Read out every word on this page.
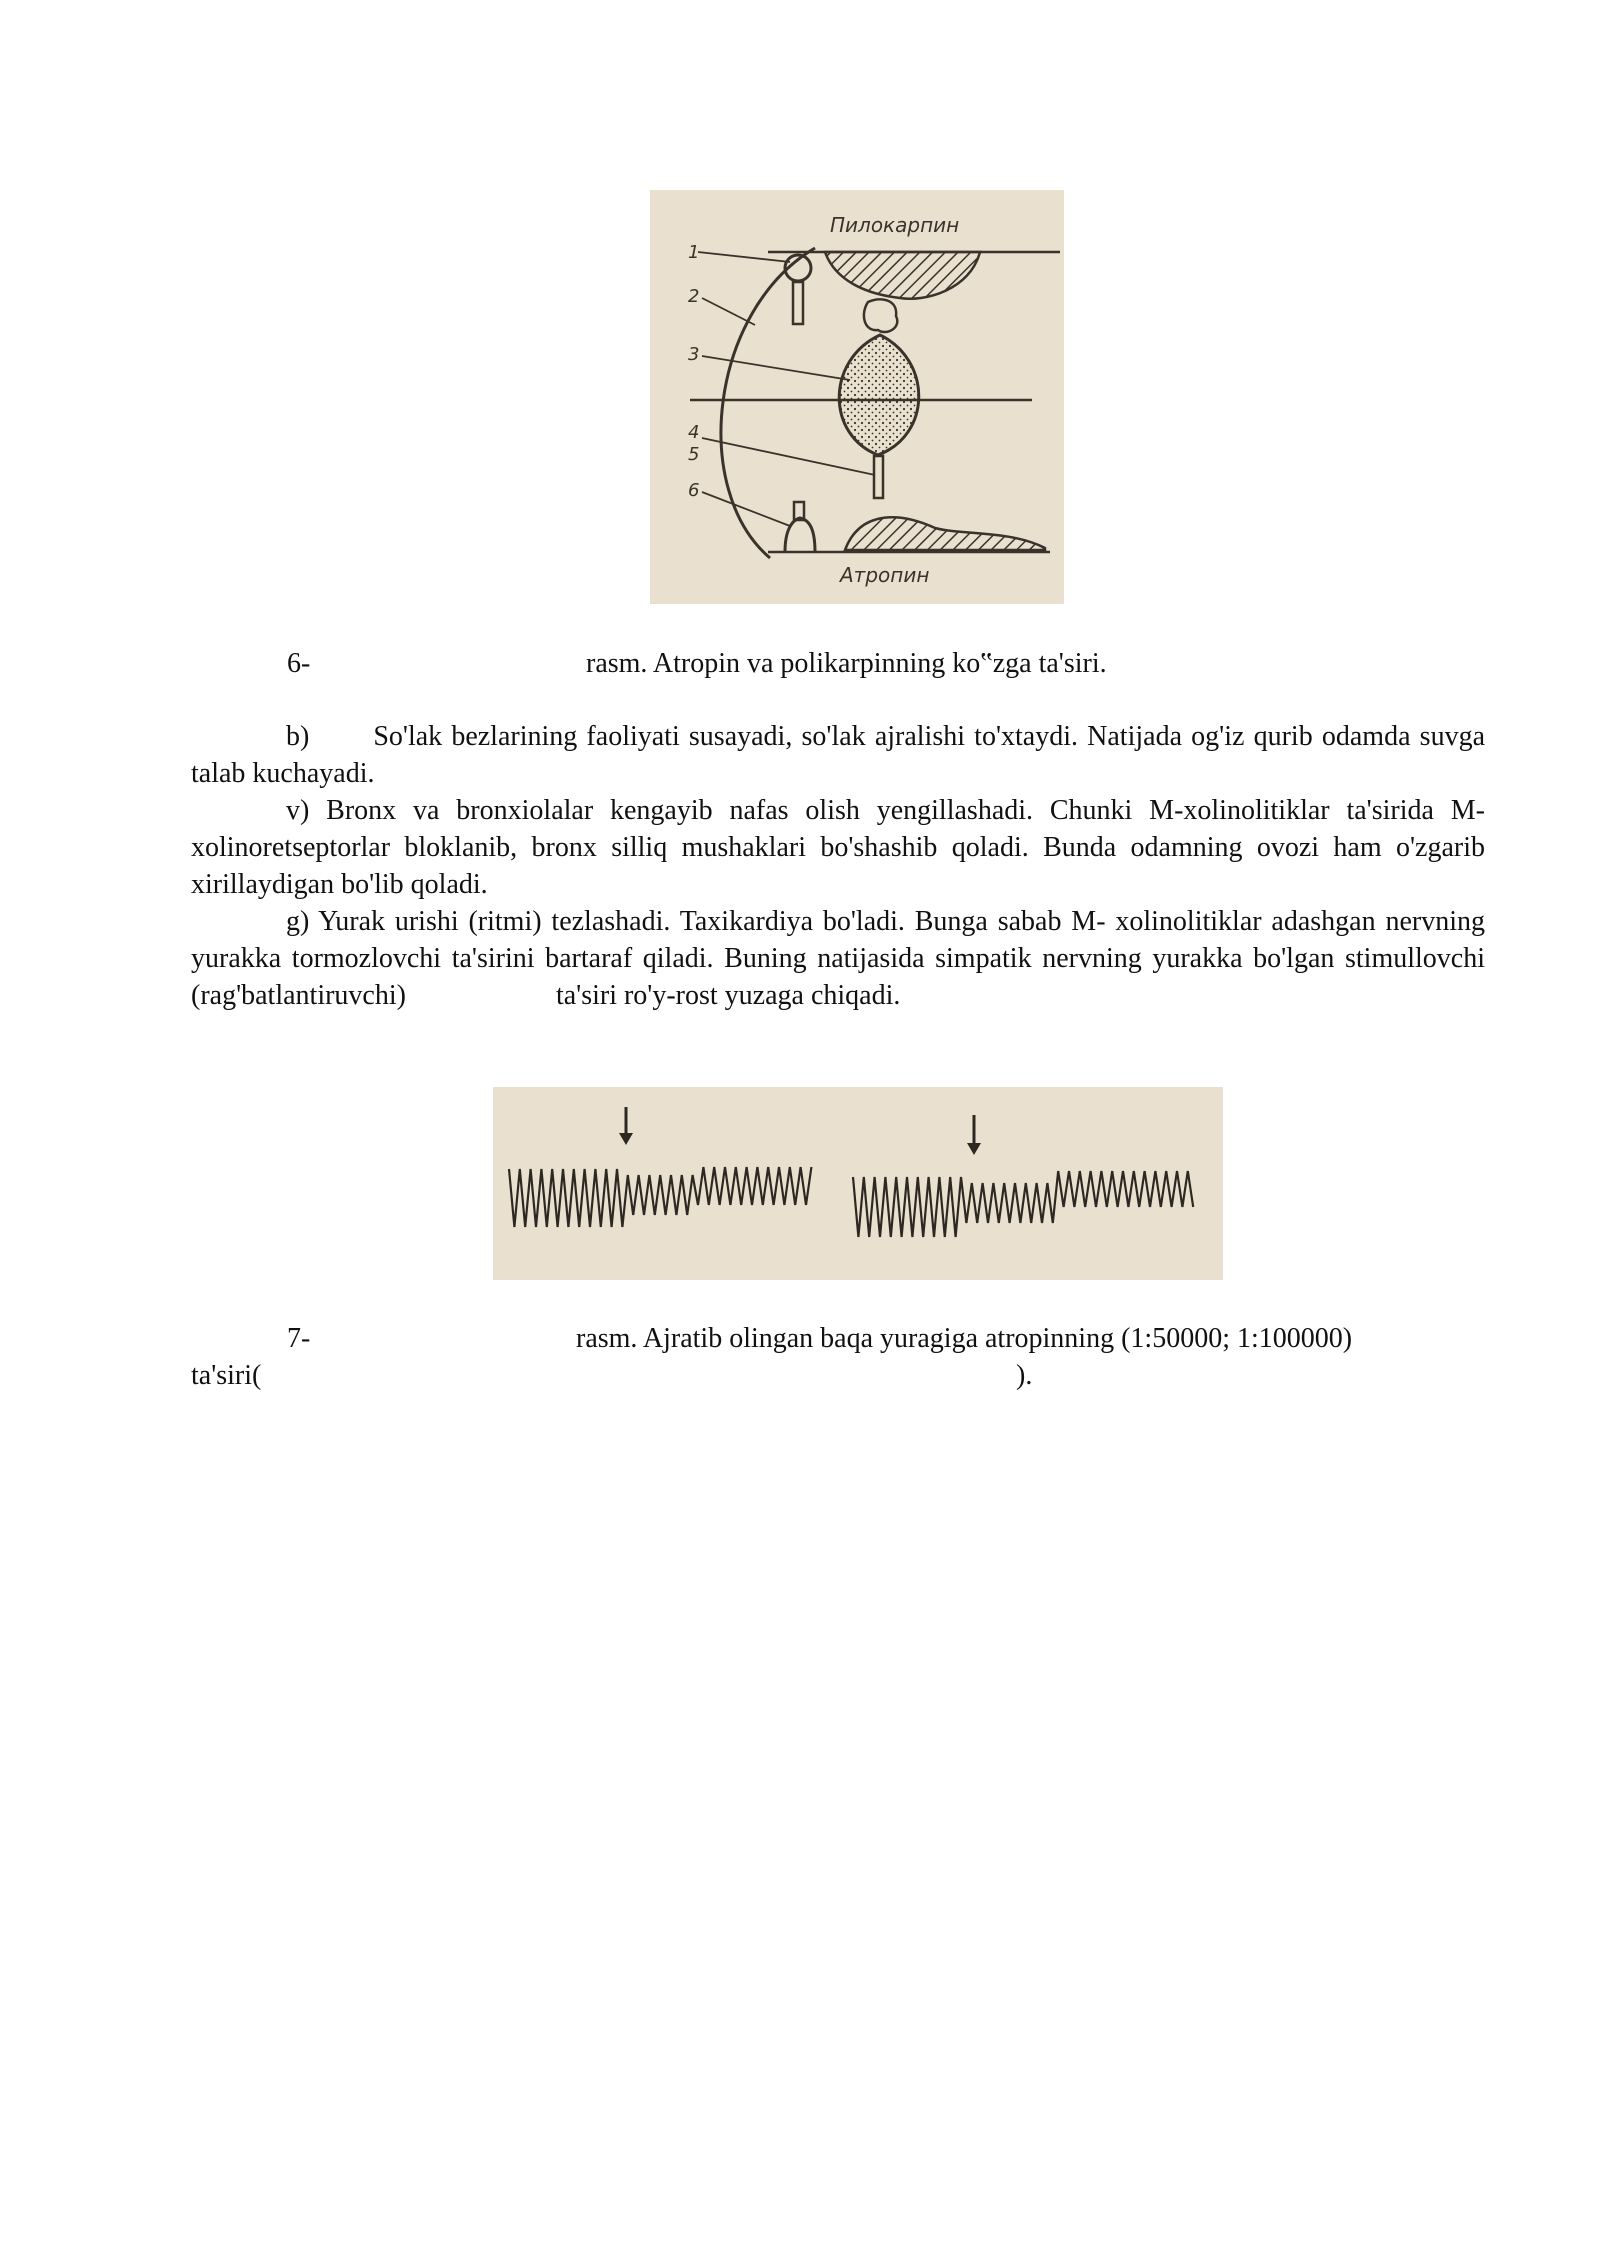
Пилокарпин
1
2
3
4
5
6
Атропин
6-	rasm. Atropin va polikarpinning ko‟zga ta'siri.
b) So'lak bezlarining faoliyati susayadi, so'lak ajralishi to'xtaydi. Natijada og'iz qurib odamda suvga talab kuchayadi.
v) Bronx va bronxiolalar kengayib nafas olish yengillashadi. Chunki M-xolinolitiklar ta'sirida M-xolinoretseptorlar bloklanib, bronx silliq mushaklari bo'shashib qoladi. Bunda odamning ovozi ham o'zgarib xirillaydigan bo'lib qoladi.
g) Yurak urishi (ritmi) tezlashadi. Taxikardiya bo'ladi. Bunga sabab M- xolinolitiklar adashgan nervning yurakka tormozlovchi ta'sirini bartaraf qiladi. Buning natijasida simpatik nervning yurakka bo'lgan stimullovchi (rag'batlantiruvchi)	ta'siri ro'y-rost yuzaga chiqadi.
7-	rasm. Ajratib olingan baqa yuragiga atropinning (1:50000; 1:100000)
ta'siri(	).
